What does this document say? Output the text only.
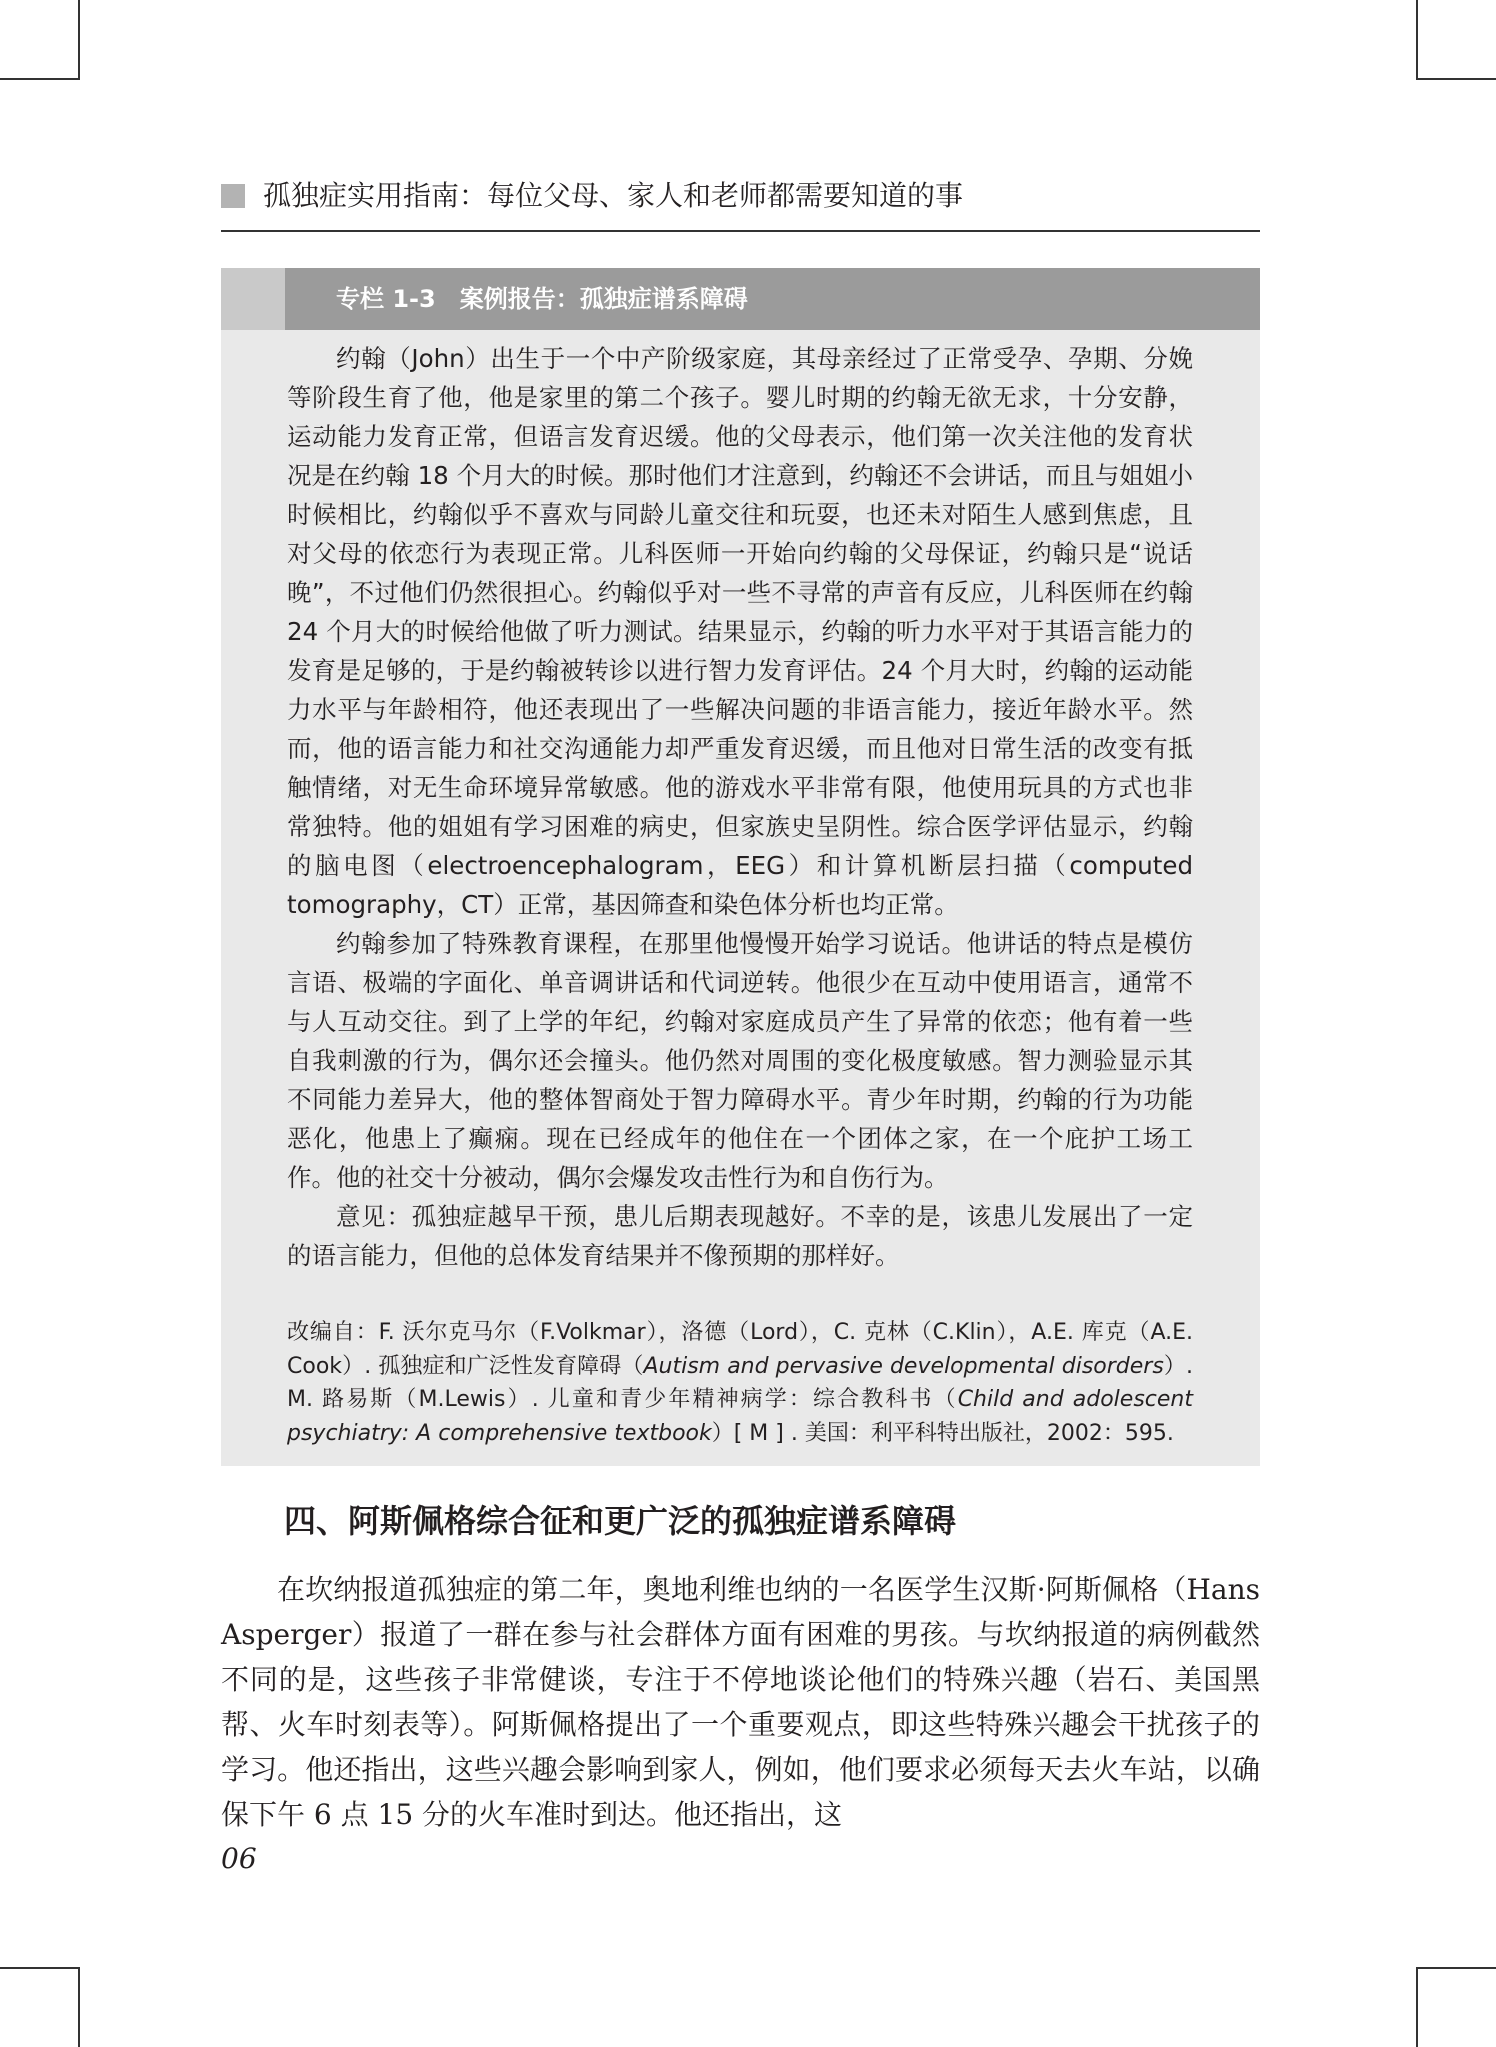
孤独症实用指南：每位父母、家人和老师都需要知道的事
专栏 1-3　案例报告：孤独症谱系障碍

约翰（John）出生于一个中产阶级家庭，其母亲经过了正常受孕、孕期、分娩等阶段生育了他，他是家里的第二个孩子。婴儿时期的约翰无欲无求，十分安静，运动能力发育正常，但语言发育迟缓。他的父母表示，他们第一次关注他的发育状况是在约翰 18 个月大的时候。那时他们才注意到，约翰还不会讲话，而且与姐姐小时候相比，约翰似乎不喜欢与同龄儿童交往和玩耍，也还未对陌生人感到焦虑，且对父母的依恋行为表现正常。儿科医师一开始向约翰的父母保证，约翰只是“说话晚”，不过他们仍然很担心。约翰似乎对一些不寻常的声音有反应，儿科医师在约翰 24 个月大的时候给他做了听力测试。结果显示，约翰的听力水平对于其语言能力的发育是足够的，于是约翰被转诊以进行智力发育评估。24 个月大时，约翰的运动能力水平与年龄相符，他还表现出了一些解决问题的非语言能力，接近年龄水平。然而，他的语言能力和社交沟通能力却严重发育迟缓，而且他对日常生活的改变有抵触情绪，对无生命环境异常敏感。他的游戏水平非常有限，他使用玩具的方式也非常独特。他的姐姐有学习困难的病史，但家族史呈阴性。综合医学评估显示，约翰的脑电图（electroencephalogram，EEG）和计算机断层扫描（computed tomography，CT）正常，基因筛查和染色体分析也均正常。

约翰参加了特殊教育课程，在那里他慢慢开始学习说话。他讲话的特点是模仿言语、极端的字面化、单音调讲话和代词逆转。他很少在互动中使用语言，通常不与人互动交往。到了上学的年纪，约翰对家庭成员产生了异常的依恋；他有着一些自我刺激的行为，偶尔还会撞头。他仍然对周围的变化极度敏感。智力测验显示其不同能力差异大，他的整体智商处于智力障碍水平。青少年时期，约翰的行为功能恶化，他患上了癫痫。现在已经成年的他住在一个团体之家，在一个庇护工场工作。他的社交十分被动，偶尔会爆发攻击性行为和自伤行为。

意见：孤独症越早干预，患儿后期表现越好。不幸的是，该患儿发展出了一定的语言能力，但他的总体发育结果并不像预期的那样好。

改编自：F. 沃尔克马尔（F.Volkmar），洛德（Lord），C. 克林（C.Klin），A.E. 库克（A.E. Cook）. 孤独症和广泛性发育障碍（Autism and pervasive developmental disorders）. M. 路易斯（M.Lewis）. 儿童和青少年精神病学：综合教科书（Child and adolescent psychiatry: A comprehensive textbook）[ M ] . 美国：利平科特出版社，2002：595.

四、阿斯佩格综合征和更广泛的孤独症谱系障碍

在坎纳报道孤独症的第二年，奥地利维也纳的一名医学生汉斯·阿斯佩格（Hans Asperger）报道了一群在参与社会群体方面有困难的男孩。与坎纳报道的病例截然不同的是，这些孩子非常健谈，专注于不停地谈论他们的特殊兴趣（岩石、美国黑帮、火车时刻表等）。阿斯佩格提出了一个重要观点，即这些特殊兴趣会干扰孩子的学习。他还指出，这些兴趣会影响到家人，例如，他们要求必须每天去火车站，以确保下午 6 点 15 分的火车准时到达。他还指出，这

06
